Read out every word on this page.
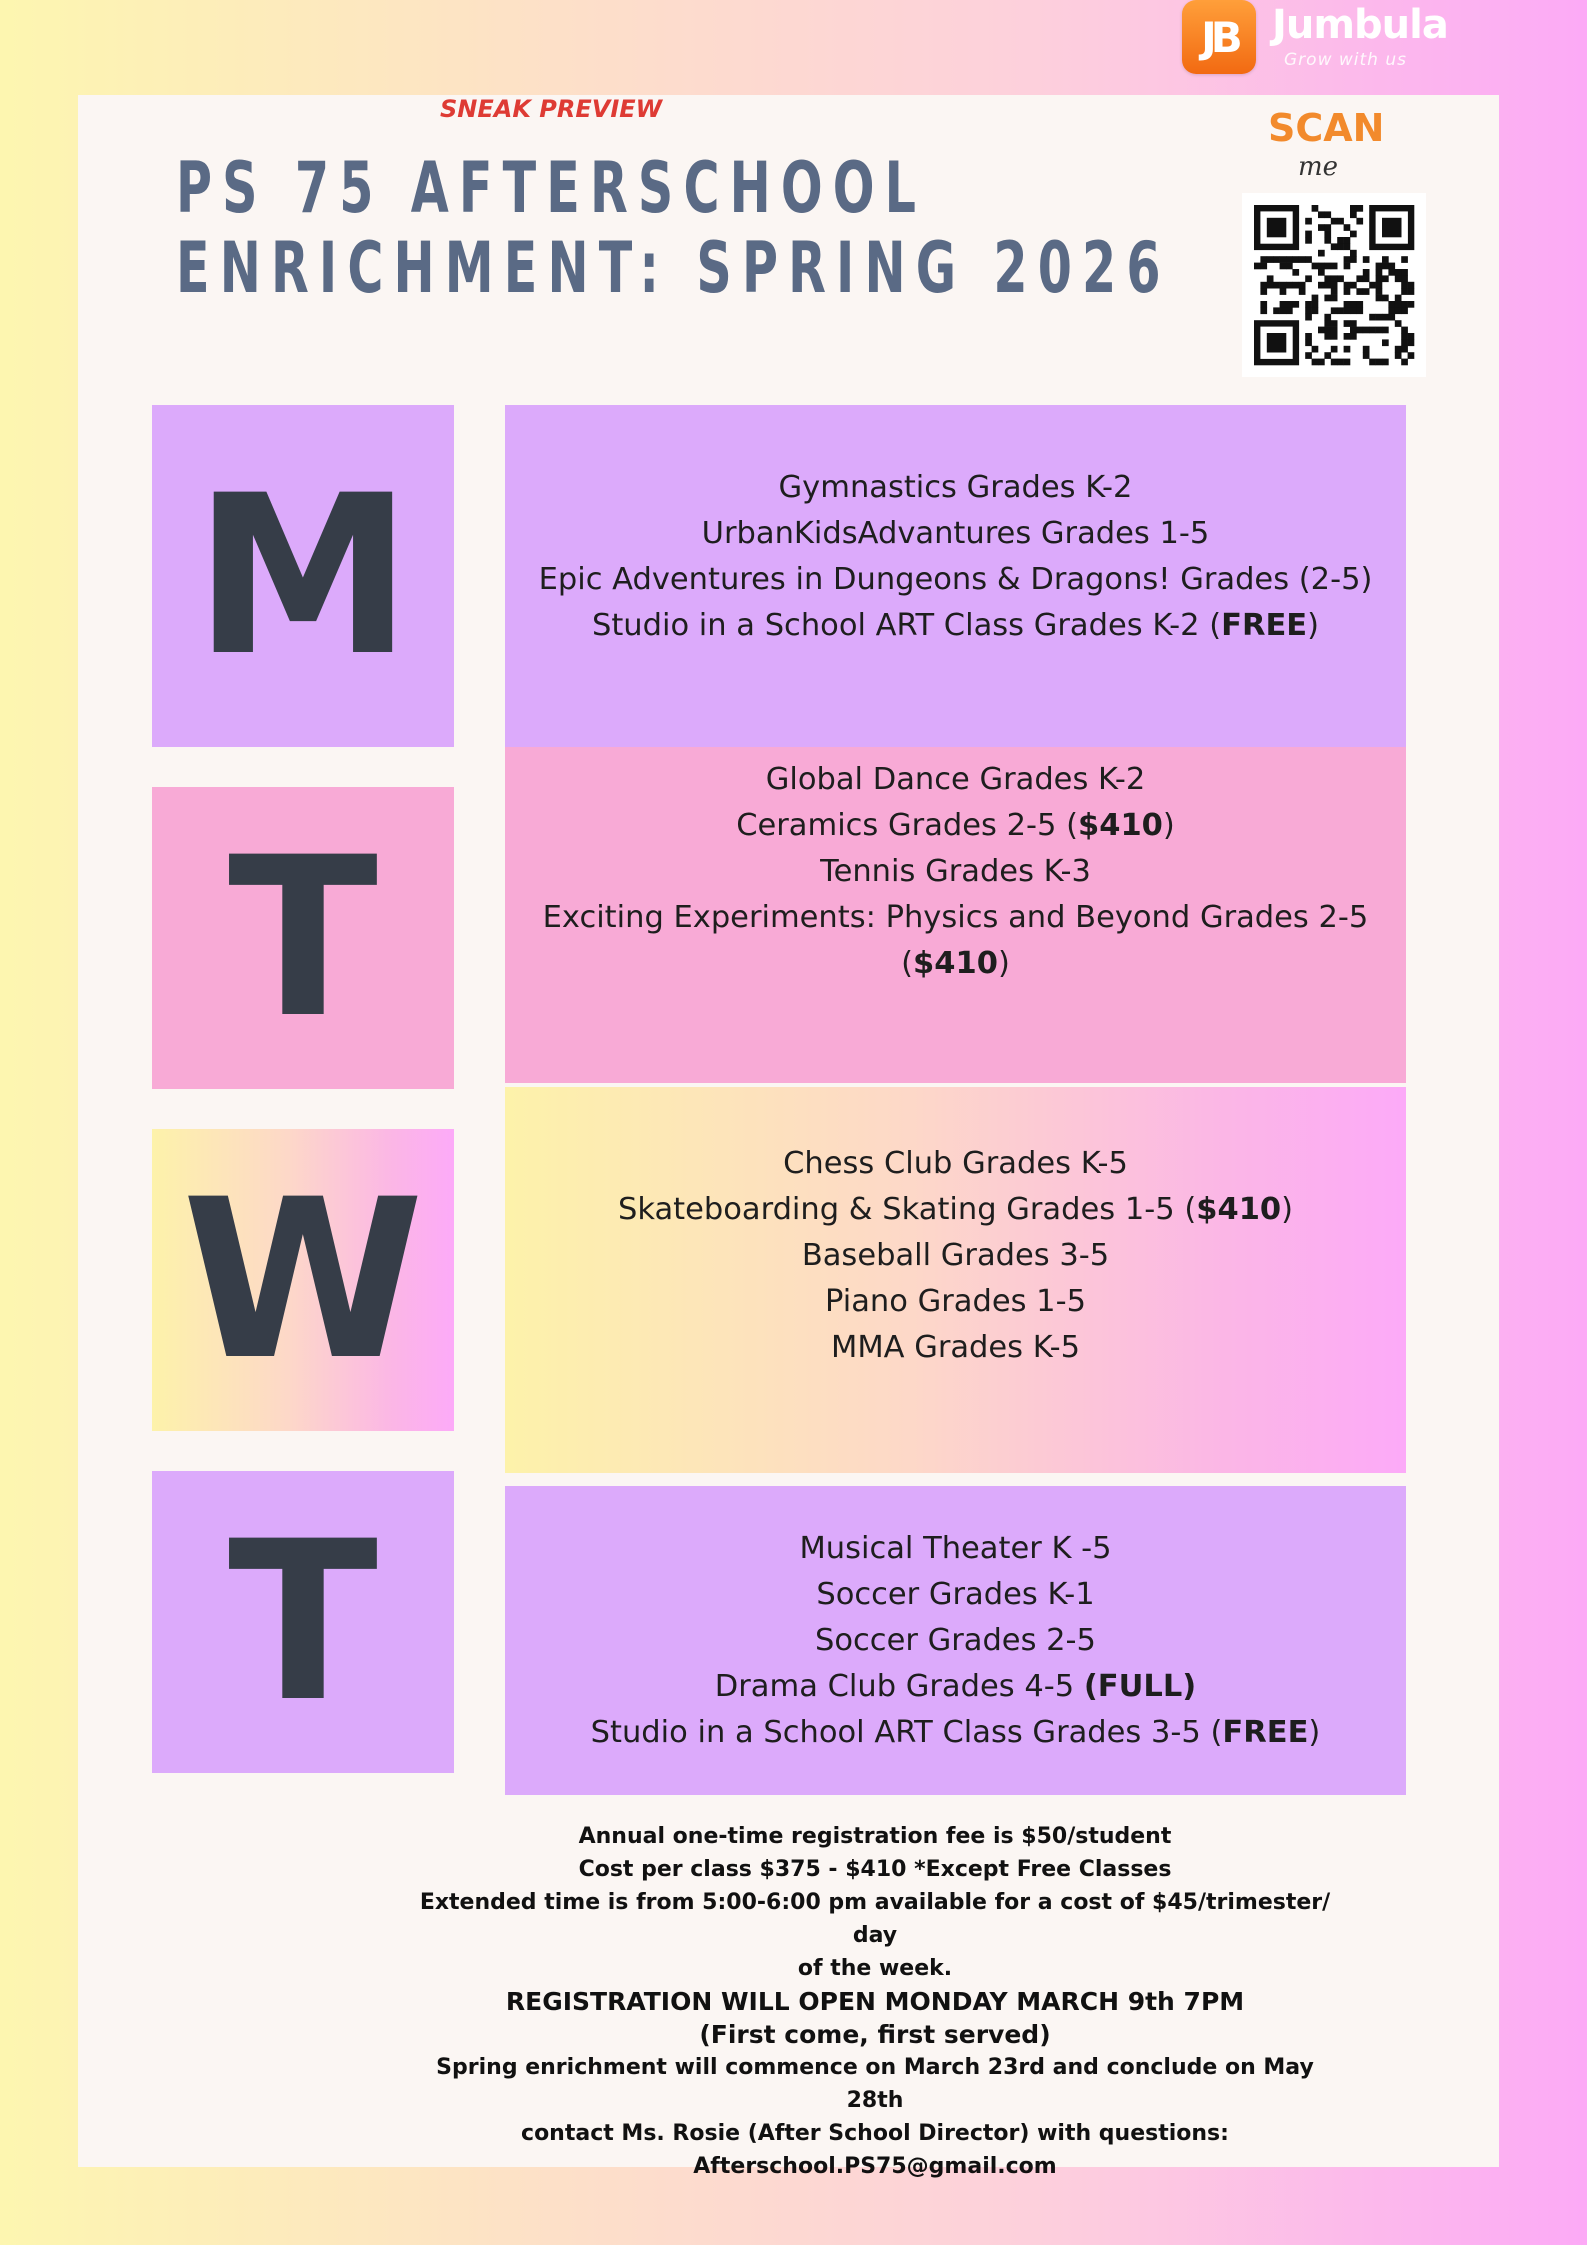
JB Jumbula
Grow with us
SNEAK PREVIEW
PS 75 AFTERSCHOOL
ENRICHMENT: SPRING 2026
SCAN
me
M
T
W
T
Gymnastics Grades K-2
UrbanKidsAdvantures Grades 1-5
Epic Adventures in Dungeons & Dragons! Grades (2-5)
Studio in a School ART Class Grades K-2 (FREE)
Global Dance Grades K-2
Ceramics Grades 2-5 ($410)
Tennis Grades K-3
Exciting Experiments: Physics and Beyond Grades 2-5
($410)
Chess Club Grades K-5
Skateboarding & Skating Grades 1-5 ($410)
Baseball Grades 3-5
Piano Grades 1-5
MMA Grades K-5
Musical Theater K -5
Soccer Grades K-1
Soccer Grades 2-5
Drama Club Grades 4-5 (FULL)
Studio in a School ART Class Grades 3-5 (FREE)
Annual one-time registration fee is $50/student
Cost per class $375 - $410 *Except Free Classes
Extended time is from 5:00-6:00 pm available for a cost of $45/trimester/ day
of the week.
REGISTRATION WILL OPEN MONDAY MARCH 9th 7PM
(First come, first served)
Spring enrichment will commence on March 23rd and conclude on May 28th
contact Ms. Rosie (After School Director) with questions:
Afterschool.PS75@gmail.com
